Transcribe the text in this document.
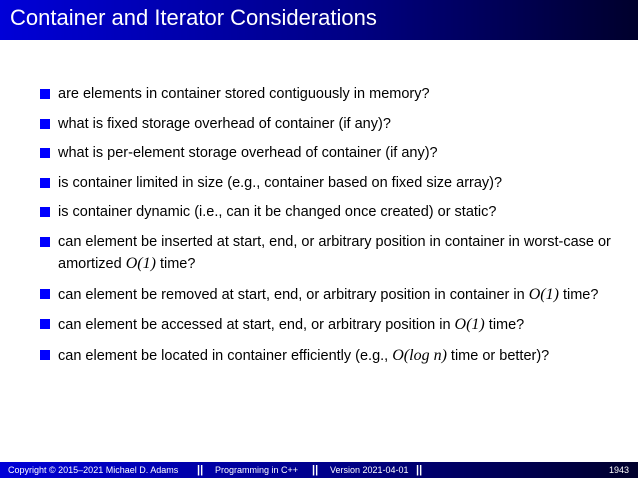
Container and Iterator Considerations
are elements in container stored contiguously in memory?
what is fixed storage overhead of container (if any)?
what is per-element storage overhead of container (if any)?
is container limited in size (e.g., container based on fixed size array)?
is container dynamic (i.e., can it be changed once created) or static?
can element be inserted at start, end, or arbitrary position in container in worst-case or amortized O(1) time?
can element be removed at start, end, or arbitrary position in container in O(1) time?
can element be accessed at start, end, or arbitrary position in O(1) time?
can element be located in container efficiently (e.g., O(log n) time or better)?
Copyright © 2015–2021 Michael D. Adams || Programming in C++ || Version 2021-04-01 ||	1943
